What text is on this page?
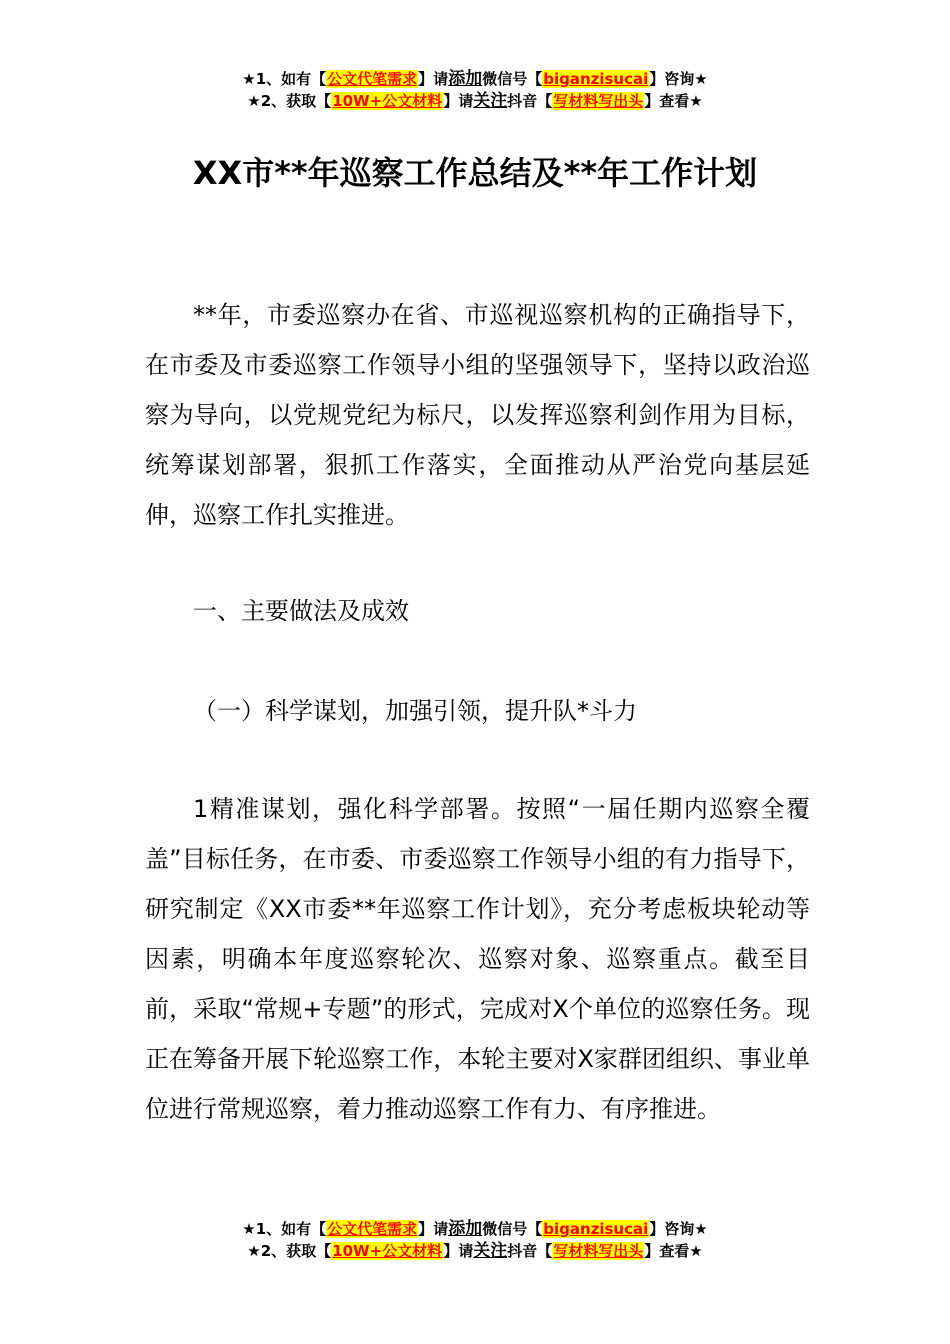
★1、如有【公文代笔需求】请添加微信号【biganzisucai】咨询★
★2、获取【10W+公文材料】请关注抖音【写材料写出头】查看★
XX市**年巡察工作总结及**年工作计划

**年，市委巡察办在省、市巡视巡察机构的正确指导下，在市委及市委巡察工作领导小组的坚强领导下，坚持以政治巡察为导向，以党规党纪为标尺，以发挥巡察利剑作用为目标，统筹谋划部署，狠抓工作落实，全面推动从严治党向基层延伸，巡察工作扎实推进。

一、主要做法及成效

（一）科学谋划，加强引领，提升队*斗力

1精准谋划，强化科学部署。按照“一届任期内巡察全覆盖”目标任务，在市委、市委巡察工作领导小组的有力指导下，研究制定《XX市委**年巡察工作计划》，充分考虑板块轮动等因素，明确本年度巡察轮次、巡察对象、巡察重点。截至目前，采取“常规+专题”的形式，完成对X个单位的巡察任务。现正在筹备开展下轮巡察工作，本轮主要对X家群团组织、事业单位进行常规巡察，着力推动巡察工作有力、有序推进。

★1、如有【公文代笔需求】请添加微信号【biganzisucai】咨询★
★2、获取【10W+公文材料】请关注抖音【写材料写出头】查看★
